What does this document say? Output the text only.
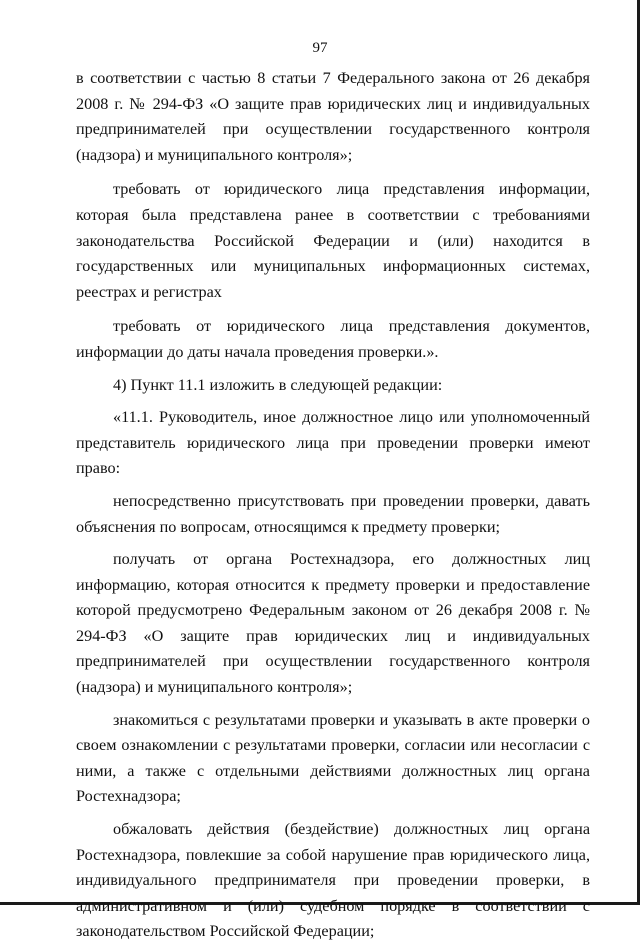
97

в соответствии с частью 8 статьи 7 Федерального закона от 26 декабря 2008 г. № 294-ФЗ «О защите прав юридических лиц и индивидуальных предпринимателей при осуществлении государственного контроля (надзора) и муниципального контроля»;

требовать от юридического лица представления информации, которая была представлена ранее в соответствии с требованиями законодательства Российской Федерации и (или) находится в государственных или муниципальных информационных системах, реестрах и регистрах

требовать от юридического лица представления документов, информации до даты начала проведения проверки.».

4) Пункт 11.1 изложить в следующей редакции:

«11.1. Руководитель, иное должностное лицо или уполномоченный представитель юридического лица при проведении проверки имеют право:

непосредственно присутствовать при проведении проверки, давать объяснения по вопросам, относящимся к предмету проверки;

получать от органа Ростехнадзора, его должностных лиц информацию, которая относится к предмету проверки и предоставление которой предусмотрено Федеральным законом от 26 декабря 2008 г. № 294-ФЗ «О защите прав юридических лиц и индивидуальных предпринимателей при осуществлении государственного контроля (надзора) и муниципального контроля»;

знакомиться с результатами проверки и указывать в акте проверки о своем ознакомлении с результатами проверки, согласии или несогласии с ними, а также с отдельными действиями должностных лиц органа Ростехнадзора;

обжаловать действия (бездействие) должностных лиц органа Ростехнадзора, повлекшие за собой нарушение прав юридического лица, индивидуального предпринимателя при проведении проверки, в административном и (или) судебном порядке в соответствии с законодательством Российской Федерации;
